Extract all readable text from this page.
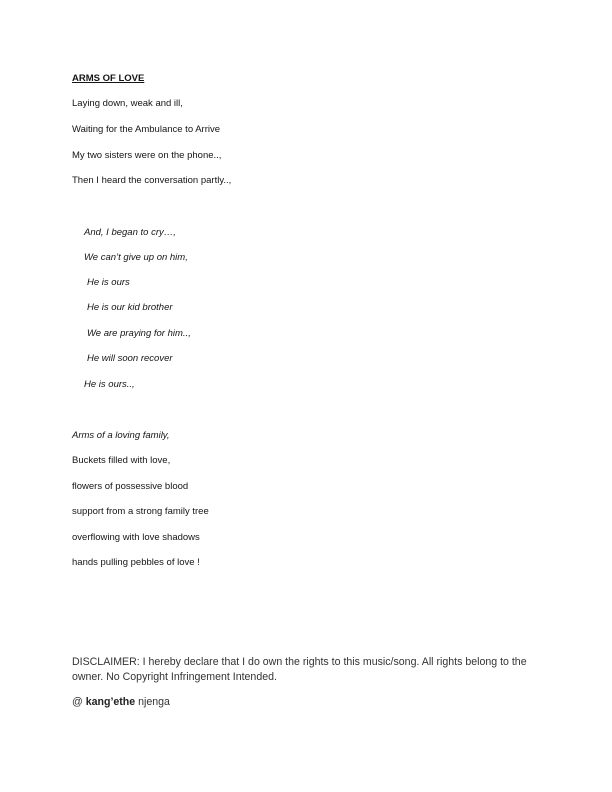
ARMS OF LOVE
Laying down, weak and ill,
Waiting for the Ambulance to Arrive
My two sisters were on the phone..,
Then I heard the conversation partly..,
And, I began to cry…,
We can’t give up on him,
He is ours
He is our kid brother
We are praying for him..,
He will soon recover
He is ours..,
Arms of a loving family,
Buckets filled with love,
flowers of possessive blood
support from a strong family tree
overflowing with love shadows
hands pulling pebbles of love !
DISCLAIMER: I hereby declare that I do own the rights to this music/song. All rights belong to the owner. No Copyright Infringement Intended.
@ kang’ethe njenga
